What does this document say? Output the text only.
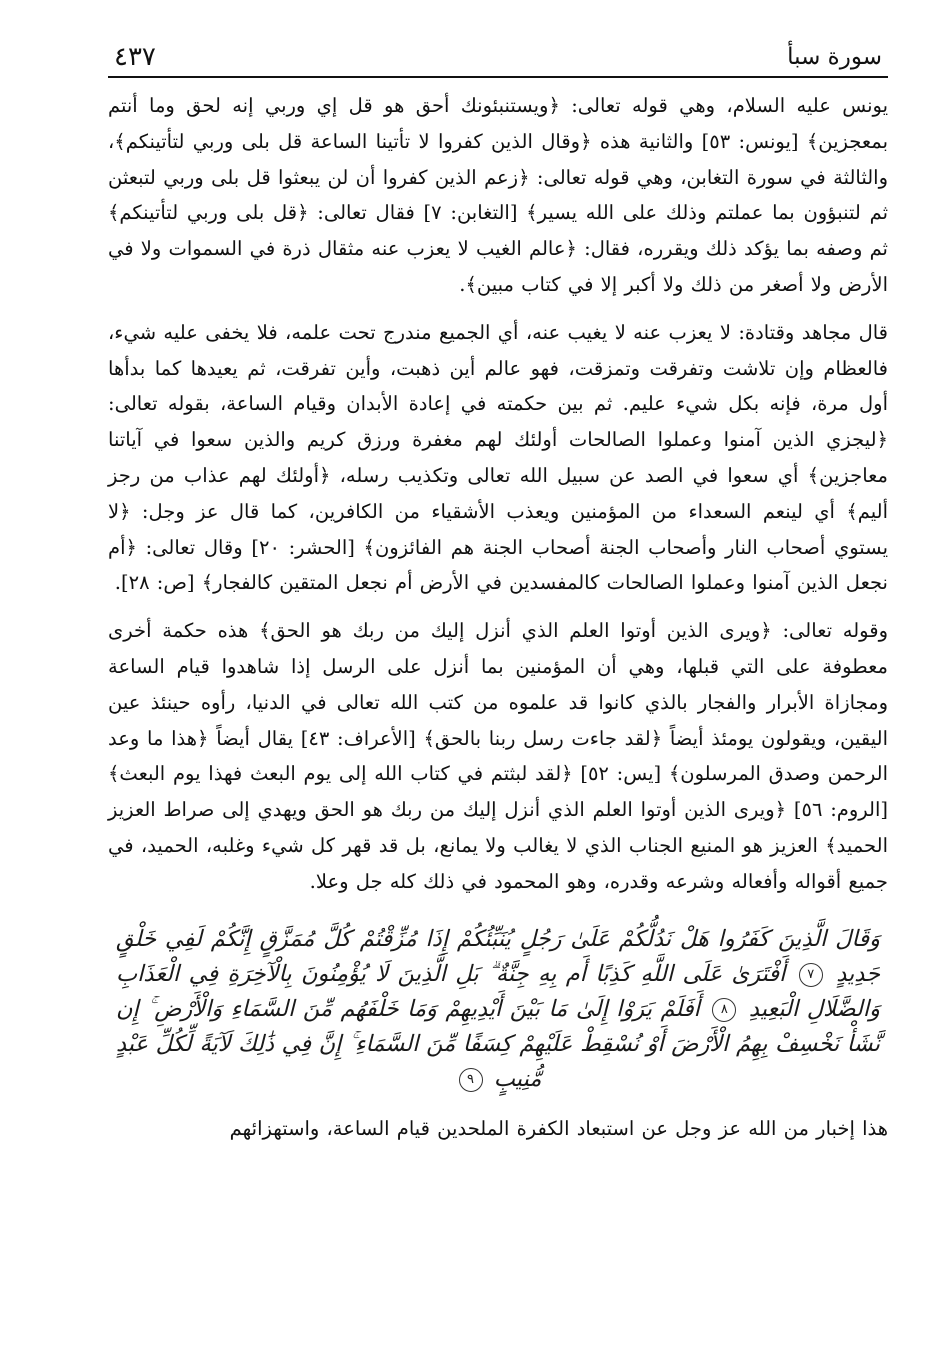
سورة سبأ
٤٣٧

يونس عليه السلام، وهي قوله تعالى: ﴿ويستنبئونك أحق هو قل إي وربي إنه لحق وما أنتم بمعجزين﴾ [يونس: ٥٣] والثانية هذه ﴿وقال الذين كفروا لا تأتينا الساعة قل بلى وربي لتأتينكم﴾، والثالثة في سورة التغابن، وهي قوله تعالى: ﴿زعم الذين كفروا أن لن يبعثوا قل بلى وربي لتبعثن ثم لتنبؤون بما عملتم وذلك على الله يسير﴾ [التغابن: ٧] فقال تعالى: ﴿قل بلى وربي لتأتينكم﴾ ثم وصفه بما يؤكد ذلك ويقرره، فقال: ﴿عالم الغيب لا يعزب عنه مثقال ذرة في السموات ولا في الأرض ولا أصغر من ذلك ولا أكبر إلا في كتاب مبين﴾.

قال مجاهد وقتادة: لا يعزب عنه لا يغيب عنه، أي الجميع مندرج تحت علمه، فلا يخفى عليه شيء، فالعظام وإن تلاشت وتفرقت وتمزقت، فهو عالم أين ذهبت، وأين تفرقت، ثم يعيدها كما بدأها أول مرة، فإنه بكل شيء عليم. ثم بين حكمته في إعادة الأبدان وقيام الساعة، بقوله تعالى: ﴿ليجزي الذين آمنوا وعملوا الصالحات أولئك لهم مغفرة ورزق كريم والذين سعوا في آياتنا معاجزين﴾ أي سعوا في الصد عن سبيل الله تعالى وتكذيب رسله، ﴿أولئك لهم عذاب من رجز أليم﴾ أي لينعم السعداء من المؤمنين ويعذب الأشقياء من الكافرين، كما قال عز وجل: ﴿لا يستوي أصحاب النار وأصحاب الجنة أصحاب الجنة هم الفائزون﴾ [الحشر: ٢٠] وقال تعالى: ﴿أم نجعل الذين آمنوا وعملوا الصالحات كالمفسدين في الأرض أم نجعل المتقين كالفجار﴾ [ص: ٢٨].

وقوله تعالى: ﴿ويرى الذين أوتوا العلم الذي أنزل إليك من ربك هو الحق﴾ هذه حكمة أخرى معطوفة على التي قبلها، وهي أن المؤمنين بما أنزل على الرسل إذا شاهدوا قيام الساعة ومجازاة الأبرار والفجار بالذي كانوا قد علموه من كتب الله تعالى في الدنيا، رأوه حينئذ عين اليقين، ويقولون يومئذ أيضاً ﴿لقد جاءت رسل ربنا بالحق﴾ [الأعراف: ٤٣] يقال أيضاً ﴿هذا ما وعد الرحمن وصدق المرسلون﴾ [يس: ٥٢] ﴿لقد لبثتم في كتاب الله إلى يوم البعث فهذا يوم البعث﴾ [الروم: ٥٦] ﴿ويرى الذين أوتوا العلم الذي أنزل إليك من ربك هو الحق ويهدي إلى صراط العزيز الحميد﴾ العزيز هو المنيع الجناب الذي لا يغالب ولا يمانع، بل قد قهر كل شيء وغلبه، الحميد، في جميع أقواله وأفعاله وشرعه وقدره، وهو المحمود في ذلك كله جل وعلا.

وَقَالَ الَّذِينَ كَفَرُوا هَلْ نَدُلُّكُمْ عَلَىٰ رَجُلٍ يُنَبِّئُكُمْ إِذَا مُزِّقْتُمْ كُلَّ مُمَزَّقٍ إِنَّكُمْ لَفِي خَلْقٍ جَدِيدٍ ٧ أَفْتَرَىٰ عَلَى اللَّهِ كَذِبًا أَم بِهِ جِنَّةٌ ۗ بَلِ الَّذِينَ لَا يُؤْمِنُونَ بِالْآخِرَةِ فِي الْعَذَابِ وَالضَّلَالِ الْبَعِيدِ ٨ أَفَلَمْ يَرَوْا إِلَىٰ مَا بَيْنَ أَيْدِيهِمْ وَمَا خَلْفَهُم مِّنَ السَّمَاءِ وَالْأَرْضِ ۚ إِن نَّشَأْ نَخْسِفْ بِهِمُ الْأَرْضَ أَوْ نُسْقِطْ عَلَيْهِمْ كِسَفًا مِّنَ السَّمَاءِ ۚ إِنَّ فِي ذَٰلِكَ لَآيَةً لِّكُلِّ عَبْدٍ مُّنِيبٍ ٩

هذا إخبار من الله عز وجل عن استبعاد الكفرة الملحدين قيام الساعة، واستهزائهم
